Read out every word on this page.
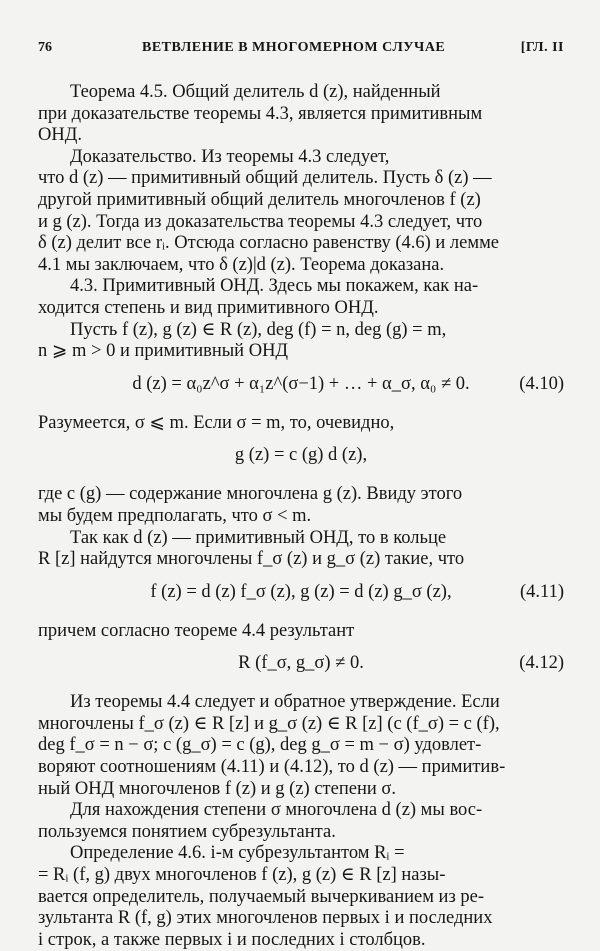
76	ВЕТВЛЕНИЕ В МНОГОМЕРНОМ СЛУЧАЕ	[ГЛ. II

Теорема 4.5. Общий делитель d (z), найденный

при доказательстве теоремы 4.3, является примитивным

ОНД.

Доказательство. Из теоремы 4.3 следует,

что d (z) — примитивный общий делитель. Пусть δ (z) —

другой примитивный общий делитель многочленов f (z)

и g (z). Тогда из доказательства теоремы 4.3 следует, что

δ (z) делит все rᵢ. Отсюда согласно равенству (4.6) и лемме

4.1 мы заключаем, что δ (z)|d (z). Теорема доказана.

4.3. Примитивный ОНД. Здесь мы покажем, как на-

ходится степень и вид примитивного ОНД.

Пусть f (z), g (z) ∈ R (z), deg (f) = n, deg (g) = m,

n ⩾ m > 0 и примитивный ОНД

d (z) = α₀z^σ + α₁z^(σ−1) + … + α_σ, α₀ ≠ 0.	(4.10)

Разумеется, σ ⩽ m. Если σ = m, то, очевидно,

g (z) = c (g) d (z),

где c (g) — содержание многочлена g (z). Ввиду этого

мы будем предполагать, что σ < m.

Так как d (z) — примитивный ОНД, то в кольце

R [z] найдутся многочлены f_σ (z) и g_σ (z) такие, что

f (z) = d (z) f_σ (z), g (z) = d (z) g_σ (z),	(4.11)

причем согласно теореме 4.4 результант

R (f_σ, g_σ) ≠ 0.	(4.12)

Из теоремы 4.4 следует и обратное утверждение. Если

многочлены f_σ (z) ∈ R [z] и g_σ (z) ∈ R [z] (c (f_σ) = c (f),

deg f_σ = n − σ; c (g_σ) = c (g), deg g_σ = m − σ) удовлет-

воряют соотношениям (4.11) и (4.12), то d (z) — примитив-

ный ОНД многочленов f (z) и g (z) степени σ.

Для нахождения степени σ многочлена d (z) мы вос-

пользуемся понятием субрезультанта.

Определение 4.6. i-м субрезультантом Rᵢ =

= Rᵢ (f, g) двух многочленов f (z), g (z) ∈ R [z] назы-

вается определитель, получаемый вычеркиванием из ре-

зультанта R (f, g) этих многочленов первых i и последних

i строк, а также первых i и последних i столбцов.
